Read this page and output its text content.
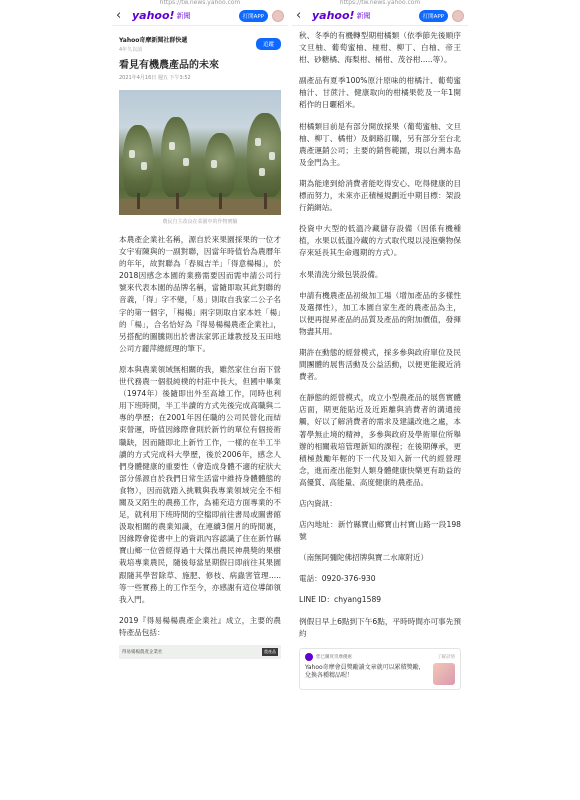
https://tw.news.yahoo.com
‹ yahoo! 新聞	打開APP
Yahoo奇摩新聞社群快遞
4年久以前
追蹤
看見有機農產品的未來
2021年4月16日 週五 下午3:52
農民自主改良在菜園中的作物實驗

本農產企業社名稱，源自於來果園採果的一位才女宇宥陳與的一副對聯，因當年時值恰為農曆年的年年，故對聯為「春風吉羊」「得意楊楊」，於2018因感念本園的業務需要因而需申請公司行號來代表本園的品牌名稱，當隨即取其此對聯的音義，「得」字不變，「易」則取自我家二公子名字的第一個字，「楊楊」兩字則取自家本姓「楊」的「楊」，合名恰好為『得易楊楊農產企業社』，另搭配的圖騰則出於書法家郭正雄教授及玉田地公司方麗萍總經理的筆下。

原本與農業領域無相關的我，雖然家住台南下營世代務農一個很純樸的村莊中長大，但國中畢業（1974年）後隨即出外至高雄工作，同時也利用下班時間，半工半讀的方式先後完成高職與二專的學歷；在2001年因任職的公司民營化而結束營運，時值因緣際會則於新竹的單位有個接術職缺，因而隨即北上新竹工作，一樣的在半工半讀的方式完成科大學歷，後於2006年，感念人們身體健康的重要性（會造成身體不適的症狀大部分係源自於我們日常生活當中維持身體體態的食物），因而就踏入挑戰與我專業領域完全不相關及又陌生的農務工作，為補充這方面專業的不足，就利用下班時間的空檔即前往書局或圖書館汲取相關的農業知識，在連續3個月的時間裏，因緣際會從書中上的資訊內容認識了住在新竹縣寶山鄉一位曾經得過十大傑出農民神農獎的果樹栽培專業農民，隨後每當星期假日即前往其果園跟隨其學習除草、施肥、修枝、病蟲害管理.....等一些實務上的工作至今，亦感謝有這位導師領我入門。

2019『得易楊楊農產企業社』成立，主要的農特產品包括：

得易楊楊農產企業社	農產品
https://tw.news.yahoo.com
‹ yahoo! 新聞	打開APP

秋、冬季的有機轉型期柑橘類（依季節先後順序文旦柚、葡萄蜜柚、椪柑、柳丁、白柚、帝王柑、砂糖橘、海梨柑、桶柑、茂谷柑.....等）。

副產品有夏季100%原汁原味的柑橘汁、葡萄蜜柚汁、甘蔗汁、健康取向的柑橘果乾及一年1開稻作的日曬稻米。

柑橘類目前是有部分開放採果（葡萄蜜柚、文旦柚、柳丁、橘柑）及網路訂購，另有部分至台北農產運銷公司；主要的銷售範圍，現以台灣本島及金門為主。

期為能達到給消費者能吃得安心、吃得健康的目標而努力，未來亦正積極規劃近中期目標：架設行銷網站。

投資中大型的低溫冷藏儲存設備（因係有機種植，水果以低溫冷藏的方式取代現以浸泡藥物保存來延長其生命週期的方式）。

水果清洗分級包裝設備。

申請有機農產品初級加工場（增加產品的多樣性及選擇性），加工本園自家生產的農產品為主，以便再提昇產品的品質及產品的附加價值，發揮物盡其用。

期許在動態的經營模式，採多參與政府單位及民間團體的展售活動及公益活動，以便更能親近消費者。

在靜態的經營模式，成立小型農產品的展售實體店面，期更能貼近及近距離與消費者的溝通接觸，好以了解消費者的需求及建議改進之處，本著學無止境的精神，多參與政府及學術單位所舉辦的相關栽培管理新知的課程；在後期傳承，更積極鼓勵年輕的下一代及知入新一代的經營理念，進而產出能對人類身體健康快樂更有助益的高優質、高能量、高度健康的農產品。

店內資訊：

店內地址：新竹縣寶山鄉寶山村寶山路一段198號

（南無阿彌陀佛招牌與寶二水庫附近）

電話：0920-376-930

LINE ID：chyang1589

例假日早上6點到下午6點，平時時間亦可事先預約

您已購買奇摩優惠	了解詳情
Yahoo奇摩會員獎勵讀文章就可以累積獎勵，兌換各種精品喔！
